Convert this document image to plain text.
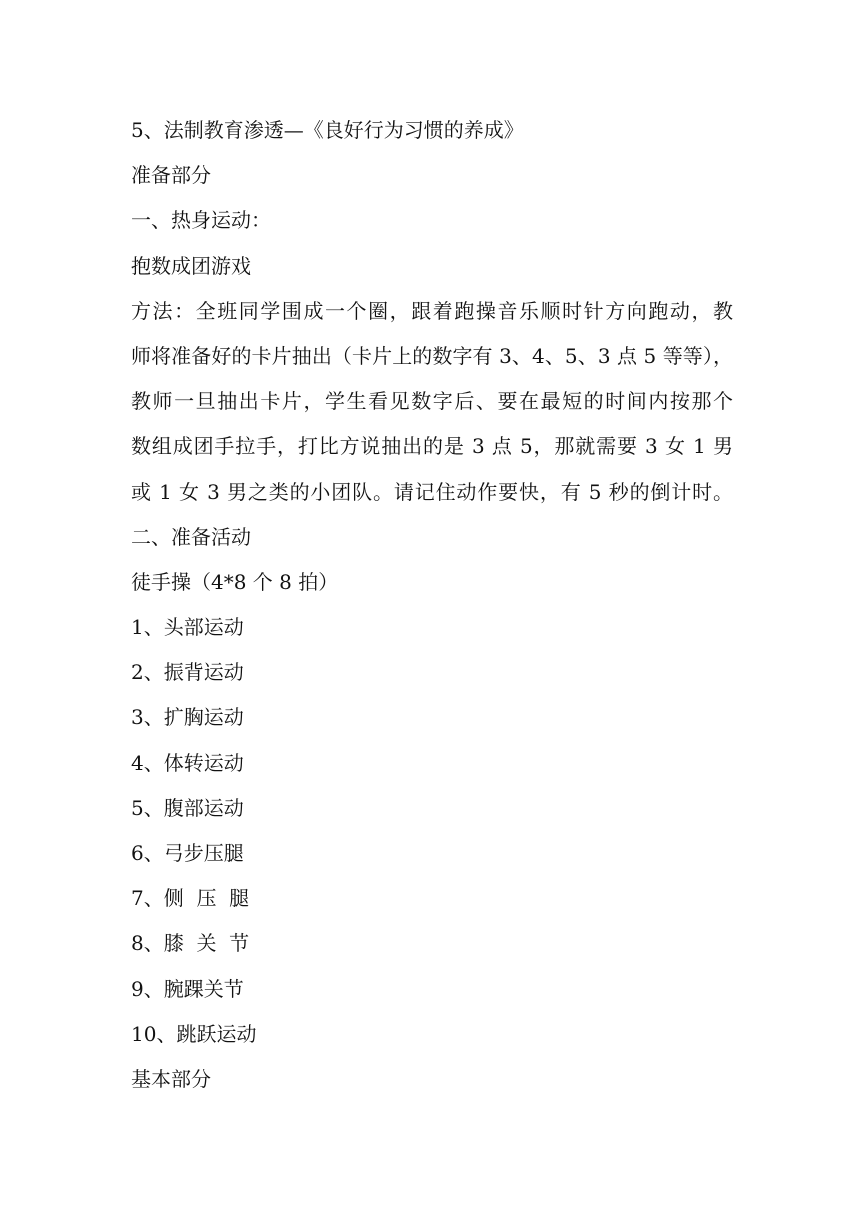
5、法制教育渗透—《良好行为习惯的养成》
准备部分
一、热身运动：
抱数成团游戏
方法：全班同学围成一个圈，跟着跑操音乐顺时针方向跑动，教
师将准备好的卡片抽出（卡片上的数字有 3、4、5、3 点 5 等等），
教师一旦抽出卡片，学生看见数字后、要在最短的时间内按那个
数组成团手拉手，打比方说抽出的是 3 点 5，那就需要 3 女 1 男
或 1 女 3 男之类的小团队。请记住动作要快，有 5 秒的倒计时。
二、准备活动
徒手操（4*8 个 8 拍）
1、头部运动
2、振背运动
3、扩胸运动
4、体转运动
5、腹部运动
6、弓步压腿
7、侧  压  腿
8、膝  关  节
9、腕踝关节
10、跳跃运动
基本部分
